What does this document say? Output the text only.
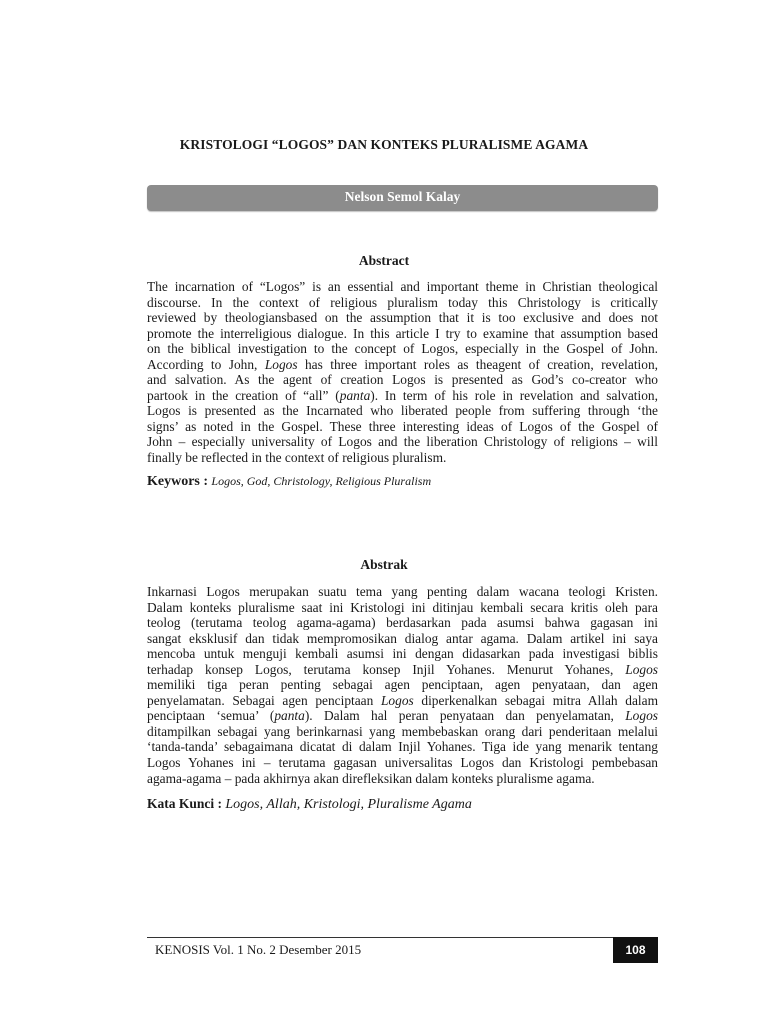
KRISTOLOGI “LOGOS” DAN KONTEKS PLURALISME AGAMA
Nelson Semol Kalay
Abstract
The incarnation of “Logos” is an essential and important theme in Christian theological
discourse. In the context of religious pluralism today this Christology is critically
reviewed by theologiansbased on the assumption that it is too exclusive and does not
promote the interreligious dialogue. In this article I try to examine that assumption based
on the biblical investigation to the concept of Logos, especially in the Gospel of John.
According to John, Logos has three important roles as theagent of creation, revelation,
and salvation. As the agent of creation Logos is presented as God’s co-creator who
partook in the creation of “all” (panta). In term of his role in revelation and salvation,
Logos is presented as the Incarnated who liberated people from suffering through ‘the
signs’ as noted in the Gospel. These three interesting ideas of Logos of the Gospel of
John – especially universality of Logos and the liberation Christology of religions – will
finally be reflected in the context of religious pluralism.
Keywors : Logos, God, Christology, Religious Pluralism
Abstrak
Inkarnasi Logos merupakan suatu tema yang penting dalam wacana teologi Kristen.
Dalam konteks pluralisme saat ini Kristologi ini ditinjau kembali secara kritis oleh para
teolog (terutama teolog agama-agama) berdasarkan pada asumsi bahwa gagasan ini
sangat eksklusif dan tidak mempromosikan dialog antar agama. Dalam artikel ini saya
mencoba untuk menguji kembali asumsi ini dengan didasarkan pada investigasi biblis
terhadap konsep Logos, terutama konsep Injil Yohanes. Menurut Yohanes, Logos
memiliki tiga peran penting sebagai agen penciptaan, agen penyataan, dan agen
penyelamatan. Sebagai agen penciptaan Logos diperkenalkan sebagai mitra Allah dalam
penciptaan ‘semua’ (panta). Dalam hal peran penyataan dan penyelamatan, Logos
ditampilkan sebagai yang berinkarnasi yang membebaskan orang dari penderitaan melalui
‘tanda-tanda’ sebagaimana dicatat di dalam Injil Yohanes. Tiga ide yang menarik tentang
Logos Yohanes ini – terutama gagasan universalitas Logos dan Kristologi pembebasan
agama-agama – pada akhirnya akan direfleksikan dalam konteks pluralisme agama.
Kata Kunci : Logos, Allah, Kristologi, Pluralisme Agama
KENOSIS Vol. 1 No. 2 Desember 2015	108
